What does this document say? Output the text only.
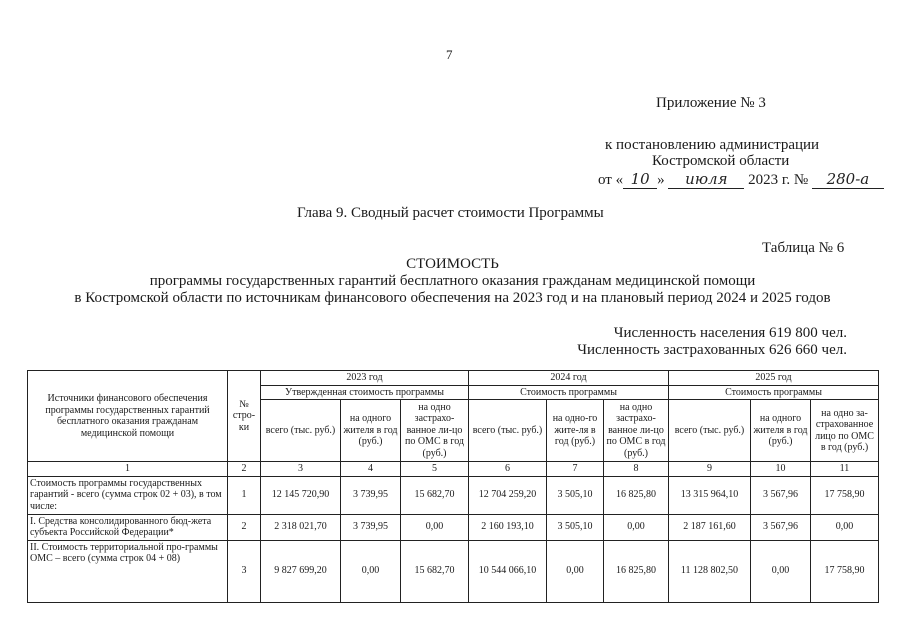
7
Приложение № 3
к постановлению администрации
Костромской области
от « 10 » июля 2023 г. № 280-а
Глава 9. Сводный расчет стоимости Программы
Таблица № 6
СТОИМОСТЬ
программы государственных гарантий бесплатного оказания гражданам медицинской помощи
в Костромской области по источникам финансового обеспечения на 2023 год и на плановый период 2024 и 2025 годов
Численность населения 619 800 чел.
Численность застрахованных 626 660 чел.
Источники финансового обеспечения программы государственных гарантий бесплатного оказания гражданам медицинской помощи	№ стро-ки	2023 год			2024 год			2025 год		
		Утвержденная стоимость программы			Стоимость программы			Стоимость программы		
		всего (тыс. руб.)	на одного жителя в год (руб.)	на одно застрахо-ванное ли-цо по ОМС в год (руб.)	всего (тыс. руб.)	на одно-го жите-ля в год (руб.)	на одно застрахо-ванное ли-цо по ОМС в год (руб.)	всего (тыс. руб.)	на одного жителя в год (руб.)	на одно за-страхованное лицо по ОМС в год (руб.)
1	2	3	4	5	6	7	8	9	10	11
Стоимость программы государственных гарантий - всего (сумма строк 02 + 03), в том числе:	1	12 145 720,90	3 739,95	15 682,70	12 704 259,20	3 505,10	16 825,80	13 315 964,10	3 567,96	17 758,90
I. Средства консолидированного бюд-жета субъекта Российской Федерации*	2	2 318 021,70	3 739,95	0,00	2 160 193,10	3 505,10	0,00	2 187 161,60	3 567,96	0,00
II. Стоимость территориальной про-граммы ОМС – всего (сумма строк 04 + 08)	3	9 827 699,20	0,00	15 682,70	10 544 066,10	0,00	16 825,80	11 128 802,50	0,00	17 758,90
